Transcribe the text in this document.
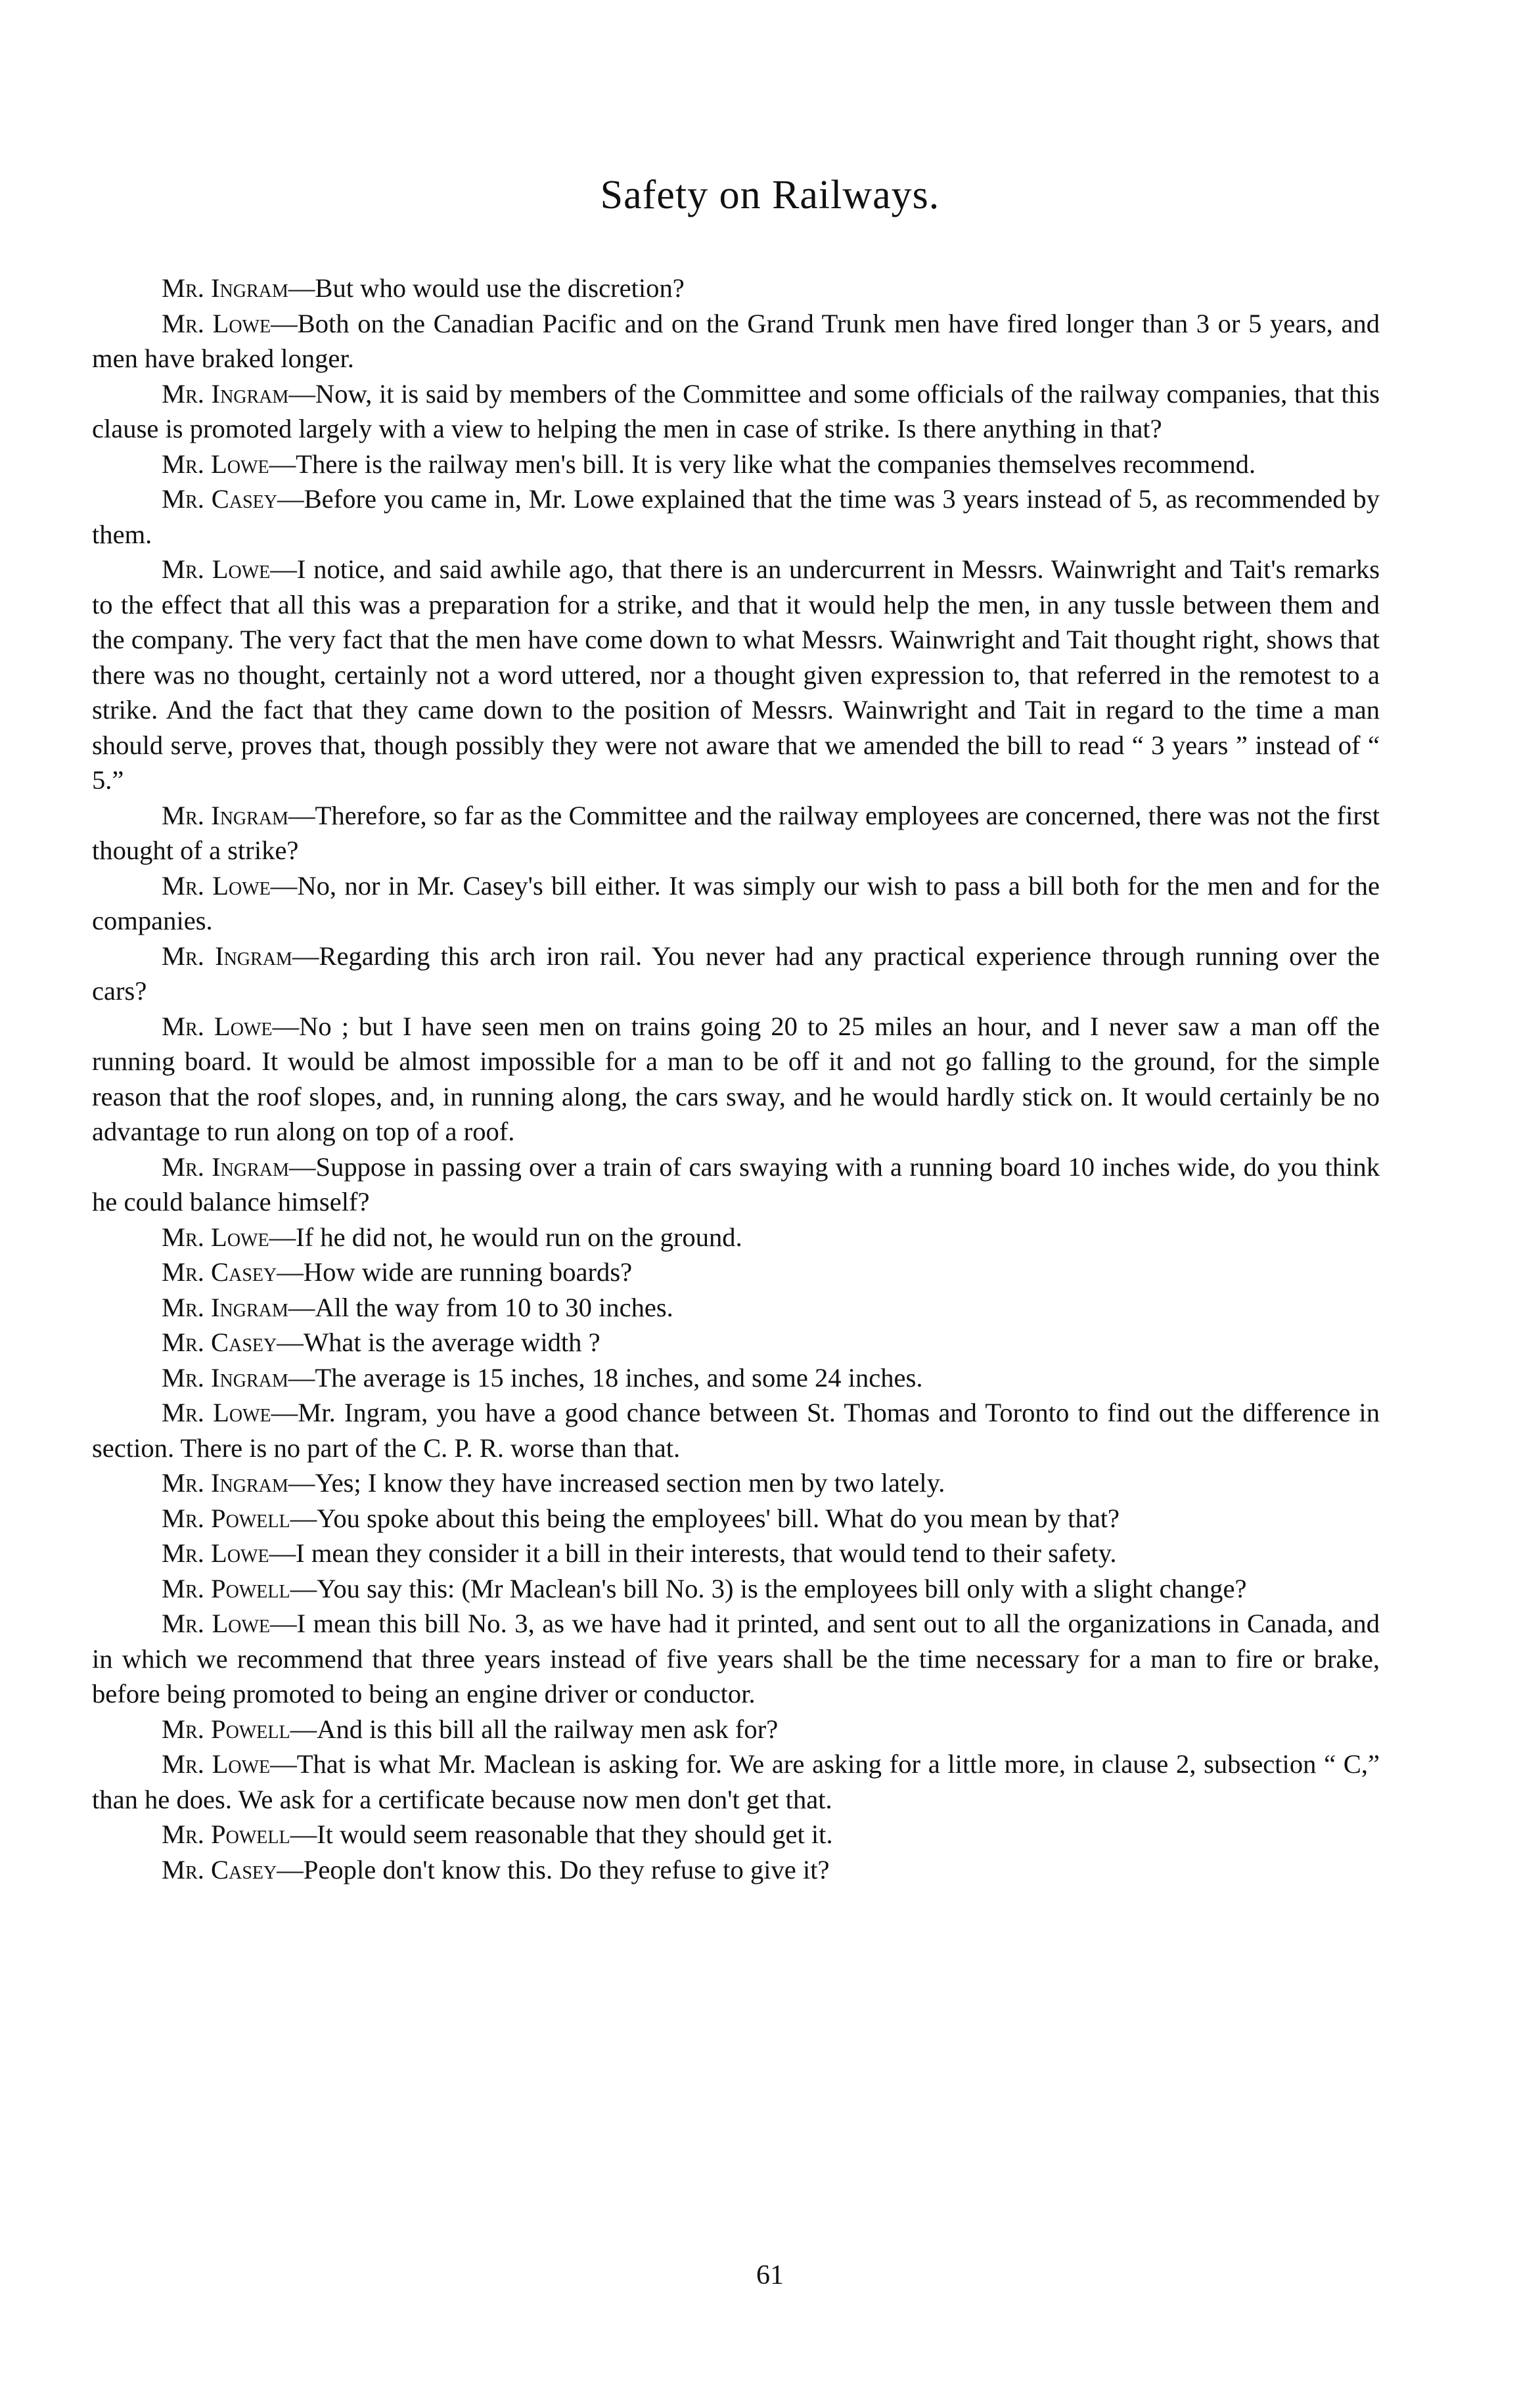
Safety on Railways.

Mr. Ingram—But who would use the discretion?

Mr. Lowe—Both on the Canadian Pacific and on the Grand Trunk men have fired longer than 3 or 5 years, and men have braked longer.

Mr. Ingram—Now, it is said by members of the Committee and some officials of the railway companies, that this clause is promoted largely with a view to helping the men in case of strike. Is there anything in that?

Mr. Lowe—There is the railway men's bill. It is very like what the companies themselves recommend.

Mr. Casey—Before you came in, Mr. Lowe explained that the time was 3 years instead of 5, as recommended by them.

Mr. Lowe—I notice, and said awhile ago, that there is an undercurrent in Messrs. Wainwright and Tait's remarks to the effect that all this was a preparation for a strike, and that it would help the men, in any tussle between them and the company. The very fact that the men have come down to what Messrs. Wainwright and Tait thought right, shows that there was no thought, certainly not a word uttered, nor a thought given expression to, that referred in the remotest to a strike. And the fact that they came down to the position of Messrs. Wainwright and Tait in regard to the time a man should serve, proves that, though possibly they were not aware that we amended the bill to read “ 3 years ” instead of “ 5.”

Mr. Ingram—Therefore, so far as the Committee and the railway employees are concerned, there was not the first thought of a strike?

Mr. Lowe—No, nor in Mr. Casey's bill either. It was simply our wish to pass a bill both for the men and for the companies.

Mr. Ingram—Regarding this arch iron rail. You never had any practical experience through running over the cars?

Mr. Lowe—No ; but I have seen men on trains going 20 to 25 miles an hour, and I never saw a man off the running board. It would be almost impossible for a man to be off it and not go falling to the ground, for the simple reason that the roof slopes, and, in running along, the cars sway, and he would hardly stick on. It would certainly be no advantage to run along on top of a roof.

Mr. Ingram—Suppose in passing over a train of cars swaying with a running board 10 inches wide, do you think he could balance himself?

Mr. Lowe—If he did not, he would run on the ground.

Mr. Casey—How wide are running boards?

Mr. Ingram—All the way from 10 to 30 inches.

Mr. Casey—What is the average width ?

Mr. Ingram—The average is 15 inches, 18 inches, and some 24 inches.

Mr. Lowe—Mr. Ingram, you have a good chance between St. Thomas and Toronto to find out the difference in section. There is no part of the C. P. R. worse than that.

Mr. Ingram—Yes; I know they have increased section men by two lately.

Mr. Powell—You spoke about this being the employees' bill. What do you mean by that?

Mr. Lowe—I mean they consider it a bill in their interests, that would tend to their safety.

Mr. Powell—You say this: (Mr Maclean's bill No. 3) is the employees bill only with a slight change?

Mr. Lowe—I mean this bill No. 3, as we have had it printed, and sent out to all the organizations in Canada, and in which we recommend that three years instead of five years shall be the time necessary for a man to fire or brake, before being promoted to being an engine driver or conductor.

Mr. Powell—And is this bill all the railway men ask for?

Mr. Lowe—That is what Mr. Maclean is asking for. We are asking for a little more, in clause 2, subsection “ C,” than he does. We ask for a certificate because now men don't get that.

Mr. Powell—It would seem reasonable that they should get it.

Mr. Casey—People don't know this. Do they refuse to give it?

61
